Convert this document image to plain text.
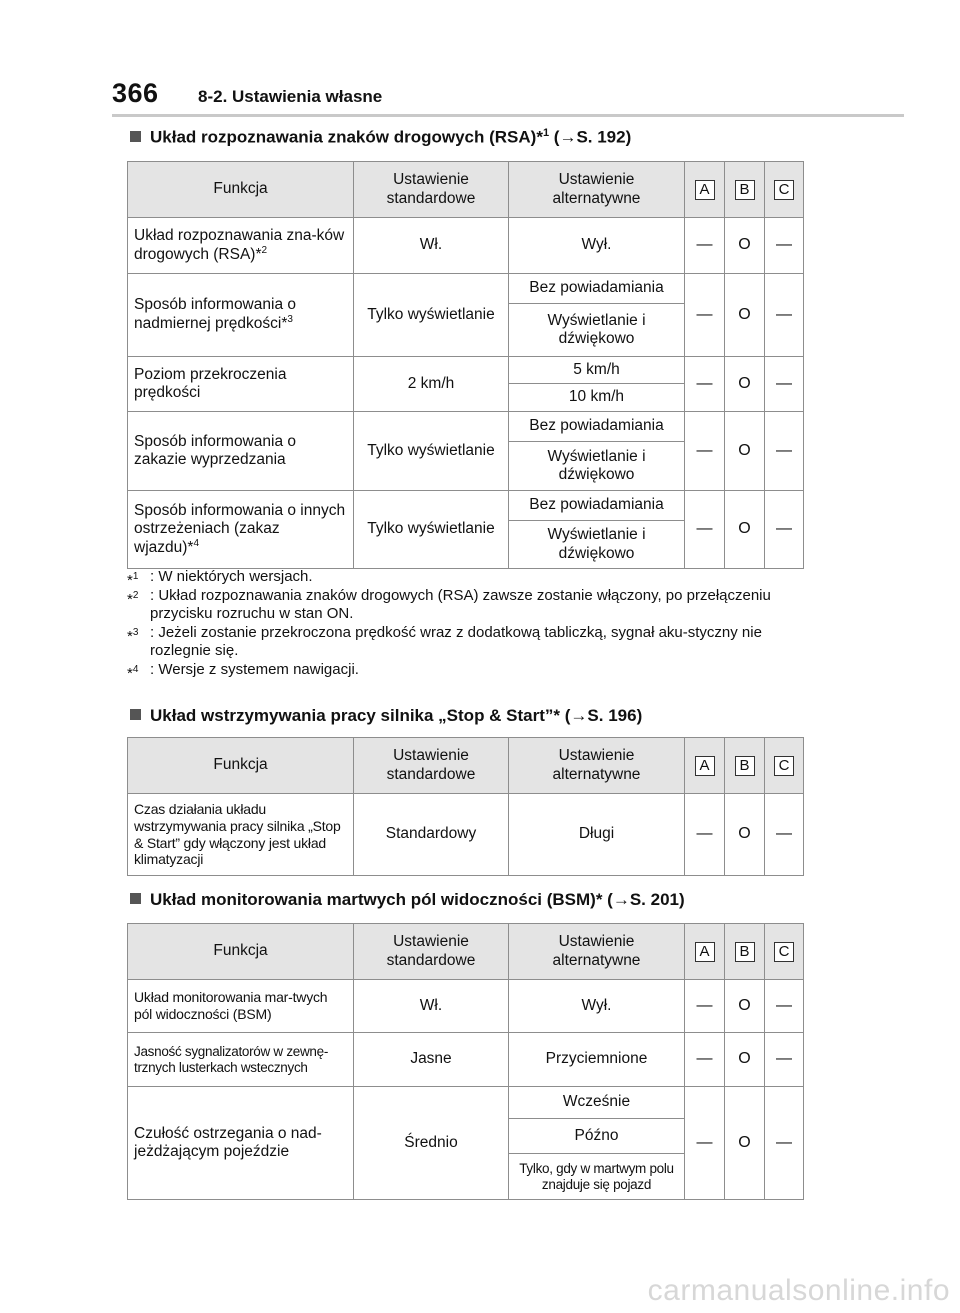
366 8-2. Ustawienia własne
Układ rozpoznawania znaków drogowych (RSA)*$^1$ (→S. 192)
Funkcja	Ustawienie standardowe	Ustawienie alternatywne	A	B	C
Układ rozpoznawania zna-ków drogowych (RSA)*$^2$	Wł.	Wył.	—	O	—
Sposób informowania o nadmiernej prędkości*$^3$	Tylko wyświetlanie	Bez powiadamiania	—	O	—
		Wyświetlanie i dźwiękowo			
Poziom przekroczenia prędkości	2 km/h	5 km/h	—	O	—
		10 km/h			
Sposób informowania o zakazie wyprzedzania	Tylko wyświetlanie	Bez powiadamiania	—	O	—
		Wyświetlanie i dźwiękowo			
Sposób informowania o innych ostrzeżeniach (zakaz wjazdu)*$^4$	Tylko wyświetlanie	Bez powiadamiania	—	O	—
		Wyświetlanie i dźwiękowo			
*$^1$ : W niektórych wersjach.
*$^2$ : Układ rozpoznawania znaków drogowych (RSA) zawsze zostanie włączony, po przełączeniu przycisku rozruchu w stan ON.
*$^3$ : Jeżeli zostanie przekroczona prędkość wraz z dodatkową tabliczką, sygnał aku-styczny nie rozlegnie się.
*$^4$ : Wersje z systemem nawigacji.
Układ wstrzymywania pracy silnika „Stop & Start”* (→S. 196)
Funkcja	Ustawienie standardowe	Ustawienie alternatywne	A	B	C
Czas działania układu wstrzymywania pracy silnika „Stop & Start” gdy włączony jest układ klimatyzacji	Standardowy	Długi	—	O	—
Układ monitorowania martwych pól widoczności (BSM)* (→S. 201)
Funkcja	Ustawienie standardowe	Ustawienie alternatywne	A	B	C
Układ monitorowania mar-twych pól widoczności (BSM)	Wł.	Wył.	—	O	—
Jasność sygnalizatorów w zewnę-trznych lusterkach wstecznych	Jasne	Przyciemnione	—	O	—
Czułość ostrzegania o nad-jeżdżającym pojeździe	Średnio	Wcześnie	—	O	—
		Późno			
		Tylko, gdy w martwym polu znajduje się pojazd			
carmanualsonline.info
